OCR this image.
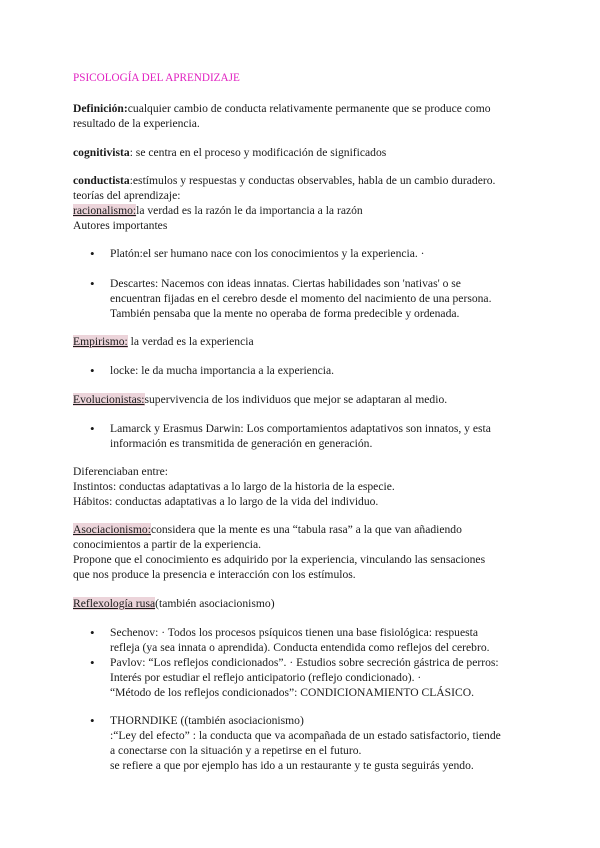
PSICOLOGÍA DEL APRENDIZAJE
Definición:cualquier cambio de conducta relativamente permanente que se produce como
resultado de la experiencia.
cognitivista: se centra en el proceso y modificación de significados
conductista:estímulos y respuestas y conductas observables, habla de un cambio duradero.
teorías del aprendizaje:
racionalismo:la verdad es la razón le da importancia a la razón
Autores importantes
• Platón:el ser humano nace con los conocimientos y la experiencia. ·
• Descartes: Nacemos con ideas innatas. Ciertas habilidades son 'nativas' o se
encuentran fijadas en el cerebro desde el momento del nacimiento de una persona.
También pensaba que la mente no operaba de forma predecible y ordenada.
Empirismo: la verdad es la experiencia
• locke: le da mucha importancia a la experiencia.
Evolucionistas:supervivencia de los individuos que mejor se adaptaran al medio.
• Lamarck y Erasmus Darwin: Los comportamientos adaptativos son innatos, y esta
información es transmitida de generación en generación.
Diferenciaban entre:
Instintos: conductas adaptativas a lo largo de la historia de la especie.
Hábitos: conductas adaptativas a lo largo de la vida del individuo.
Asociacionismo:considera que la mente es una “tabula rasa” a la que van añadiendo
conocimientos a partir de la experiencia.
Propone que el conocimiento es adquirido por la experiencia, vinculando las sensaciones
que nos produce la presencia e interacción con los estímulos.
Reflexología rusa(también asociacionismo)
• Sechenov: · Todos los procesos psíquicos tienen una base fisiológica: respuesta
refleja (ya sea innata o aprendida). Conducta entendida como reflejos del cerebro.
• Pavlov: “Los reflejos condicionados”. · Estudios sobre secreción gástrica de perros:
Interés por estudiar el reflejo anticipatorio (reflejo condicionado). ·
“Método de los reflejos condicionados”: CONDICIONAMIENTO CLÁSICO.
• THORNDIKE ((también asociacionismo)
:“Ley del efecto” : la conducta que va acompañada de un estado satisfactorio, tiende
a conectarse con la situación y a repetirse en el futuro.
se refiere a que por ejemplo has ido a un restaurante y te gusta seguirás yendo.
